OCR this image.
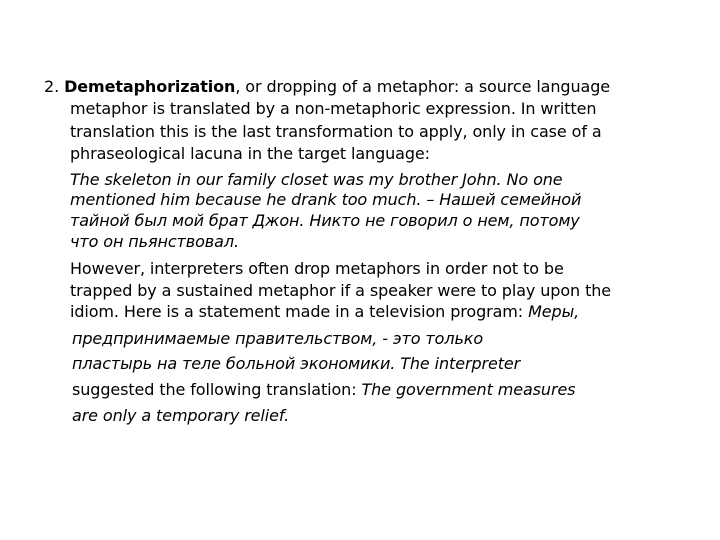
2. Demetaphorization, or dropping of a metaphor: a source language
metaphor is translated by a non-metaphoric expression. In written
translation this is the last transformation to apply, only in case of a
phraseological lacuna in the target language:
The skeleton in our family closet was my brother John. No one
mentioned him because he drank too much. – Нашей семейной
тайной был мой брат Джон. Никто не говорил о нем, потому
что он пьянствовал.
However, interpreters often drop metaphors in order not to be
trapped by a sustained metaphor if a speaker were to play upon the
idiom. Here is a statement made in a television program: Меры,
предпринимаемые правительством, - это только
пластырь на теле больной экономики. The interpreter
suggested the following translation: The government measures
are only a temporary relief.
